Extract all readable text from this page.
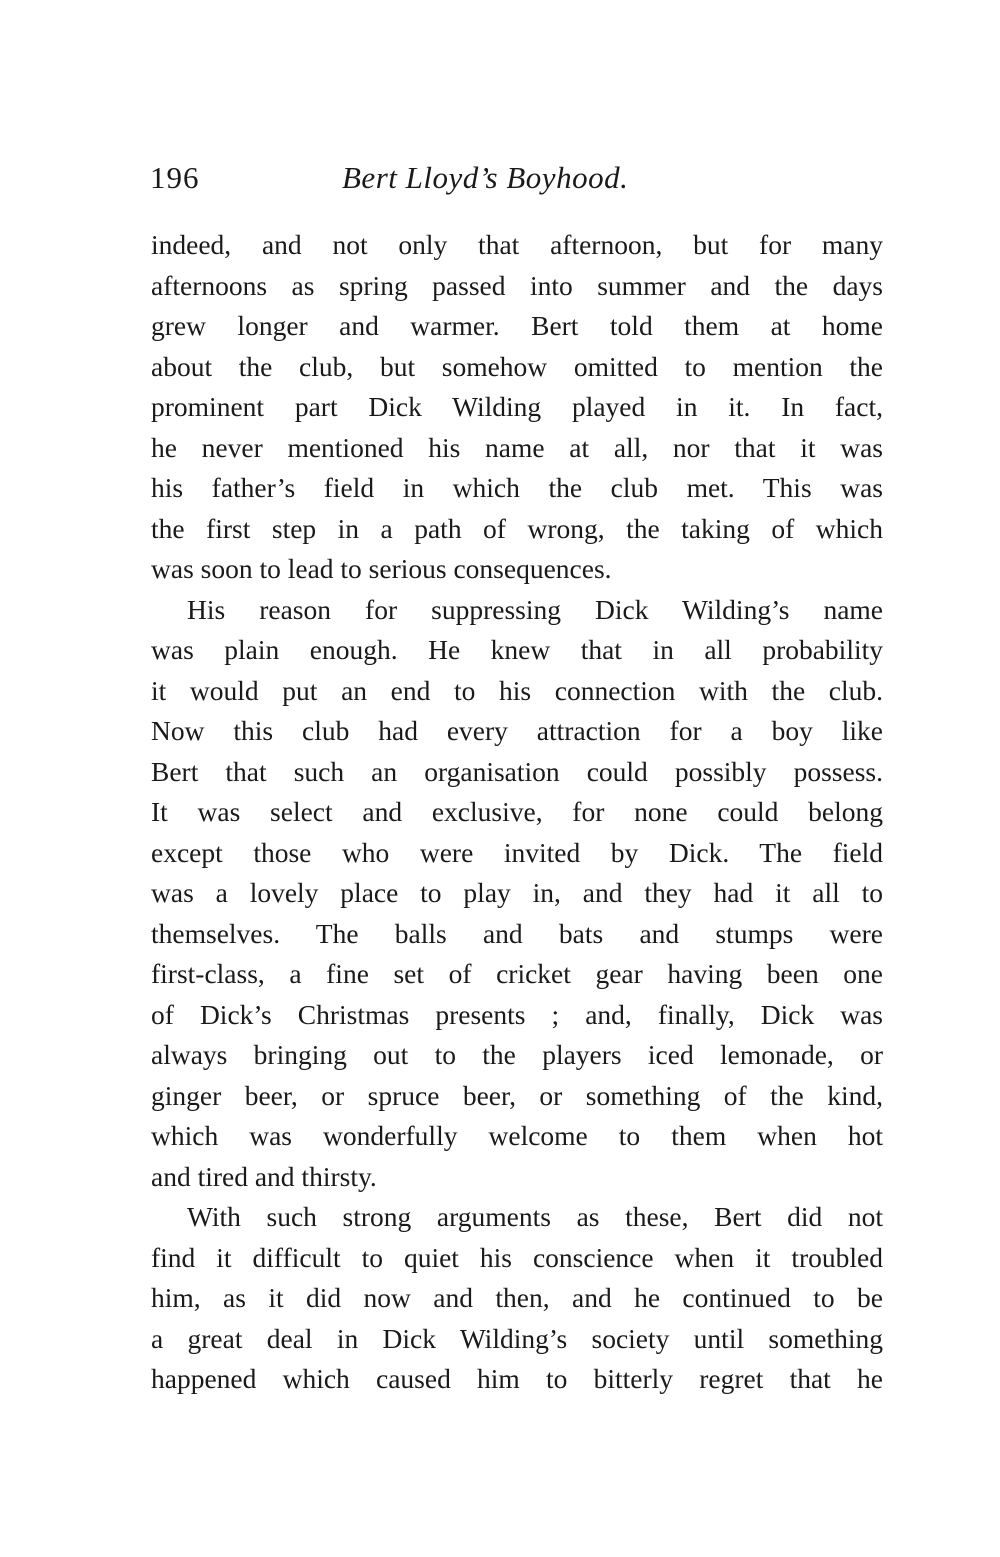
196	Bert Lloyd’s Boyhood.
indeed, and not only that afternoon, but for many
afternoons as spring passed into summer and the days
grew longer and warmer. Bert told them at home
about the club, but somehow omitted to mention the
prominent part Dick Wilding played in it. In fact,
he never mentioned his name at all, nor that it was
his father’s field in which the club met. This was
the first step in a path of wrong, the taking of which
was soon to lead to serious consequences.
His reason for suppressing Dick Wilding’s name
was plain enough. He knew that in all probability
it would put an end to his connection with the club.
Now this club had every attraction for a boy like
Bert that such an organisation could possibly possess.
It was select and exclusive, for none could belong
except those who were invited by Dick. The field
was a lovely place to play in, and they had it all to
themselves. The balls and bats and stumps were
first-class, a fine set of cricket gear having been one
of Dick’s Christmas presents ; and, finally, Dick was
always bringing out to the players iced lemonade, or
ginger beer, or spruce beer, or something of the kind,
which was wonderfully welcome to them when hot
and tired and thirsty.
With such strong arguments as these, Bert did not
find it difficult to quiet his conscience when it troubled
him, as it did now and then, and he continued to be
a great deal in Dick Wilding’s society until something
happened which caused him to bitterly regret that he
